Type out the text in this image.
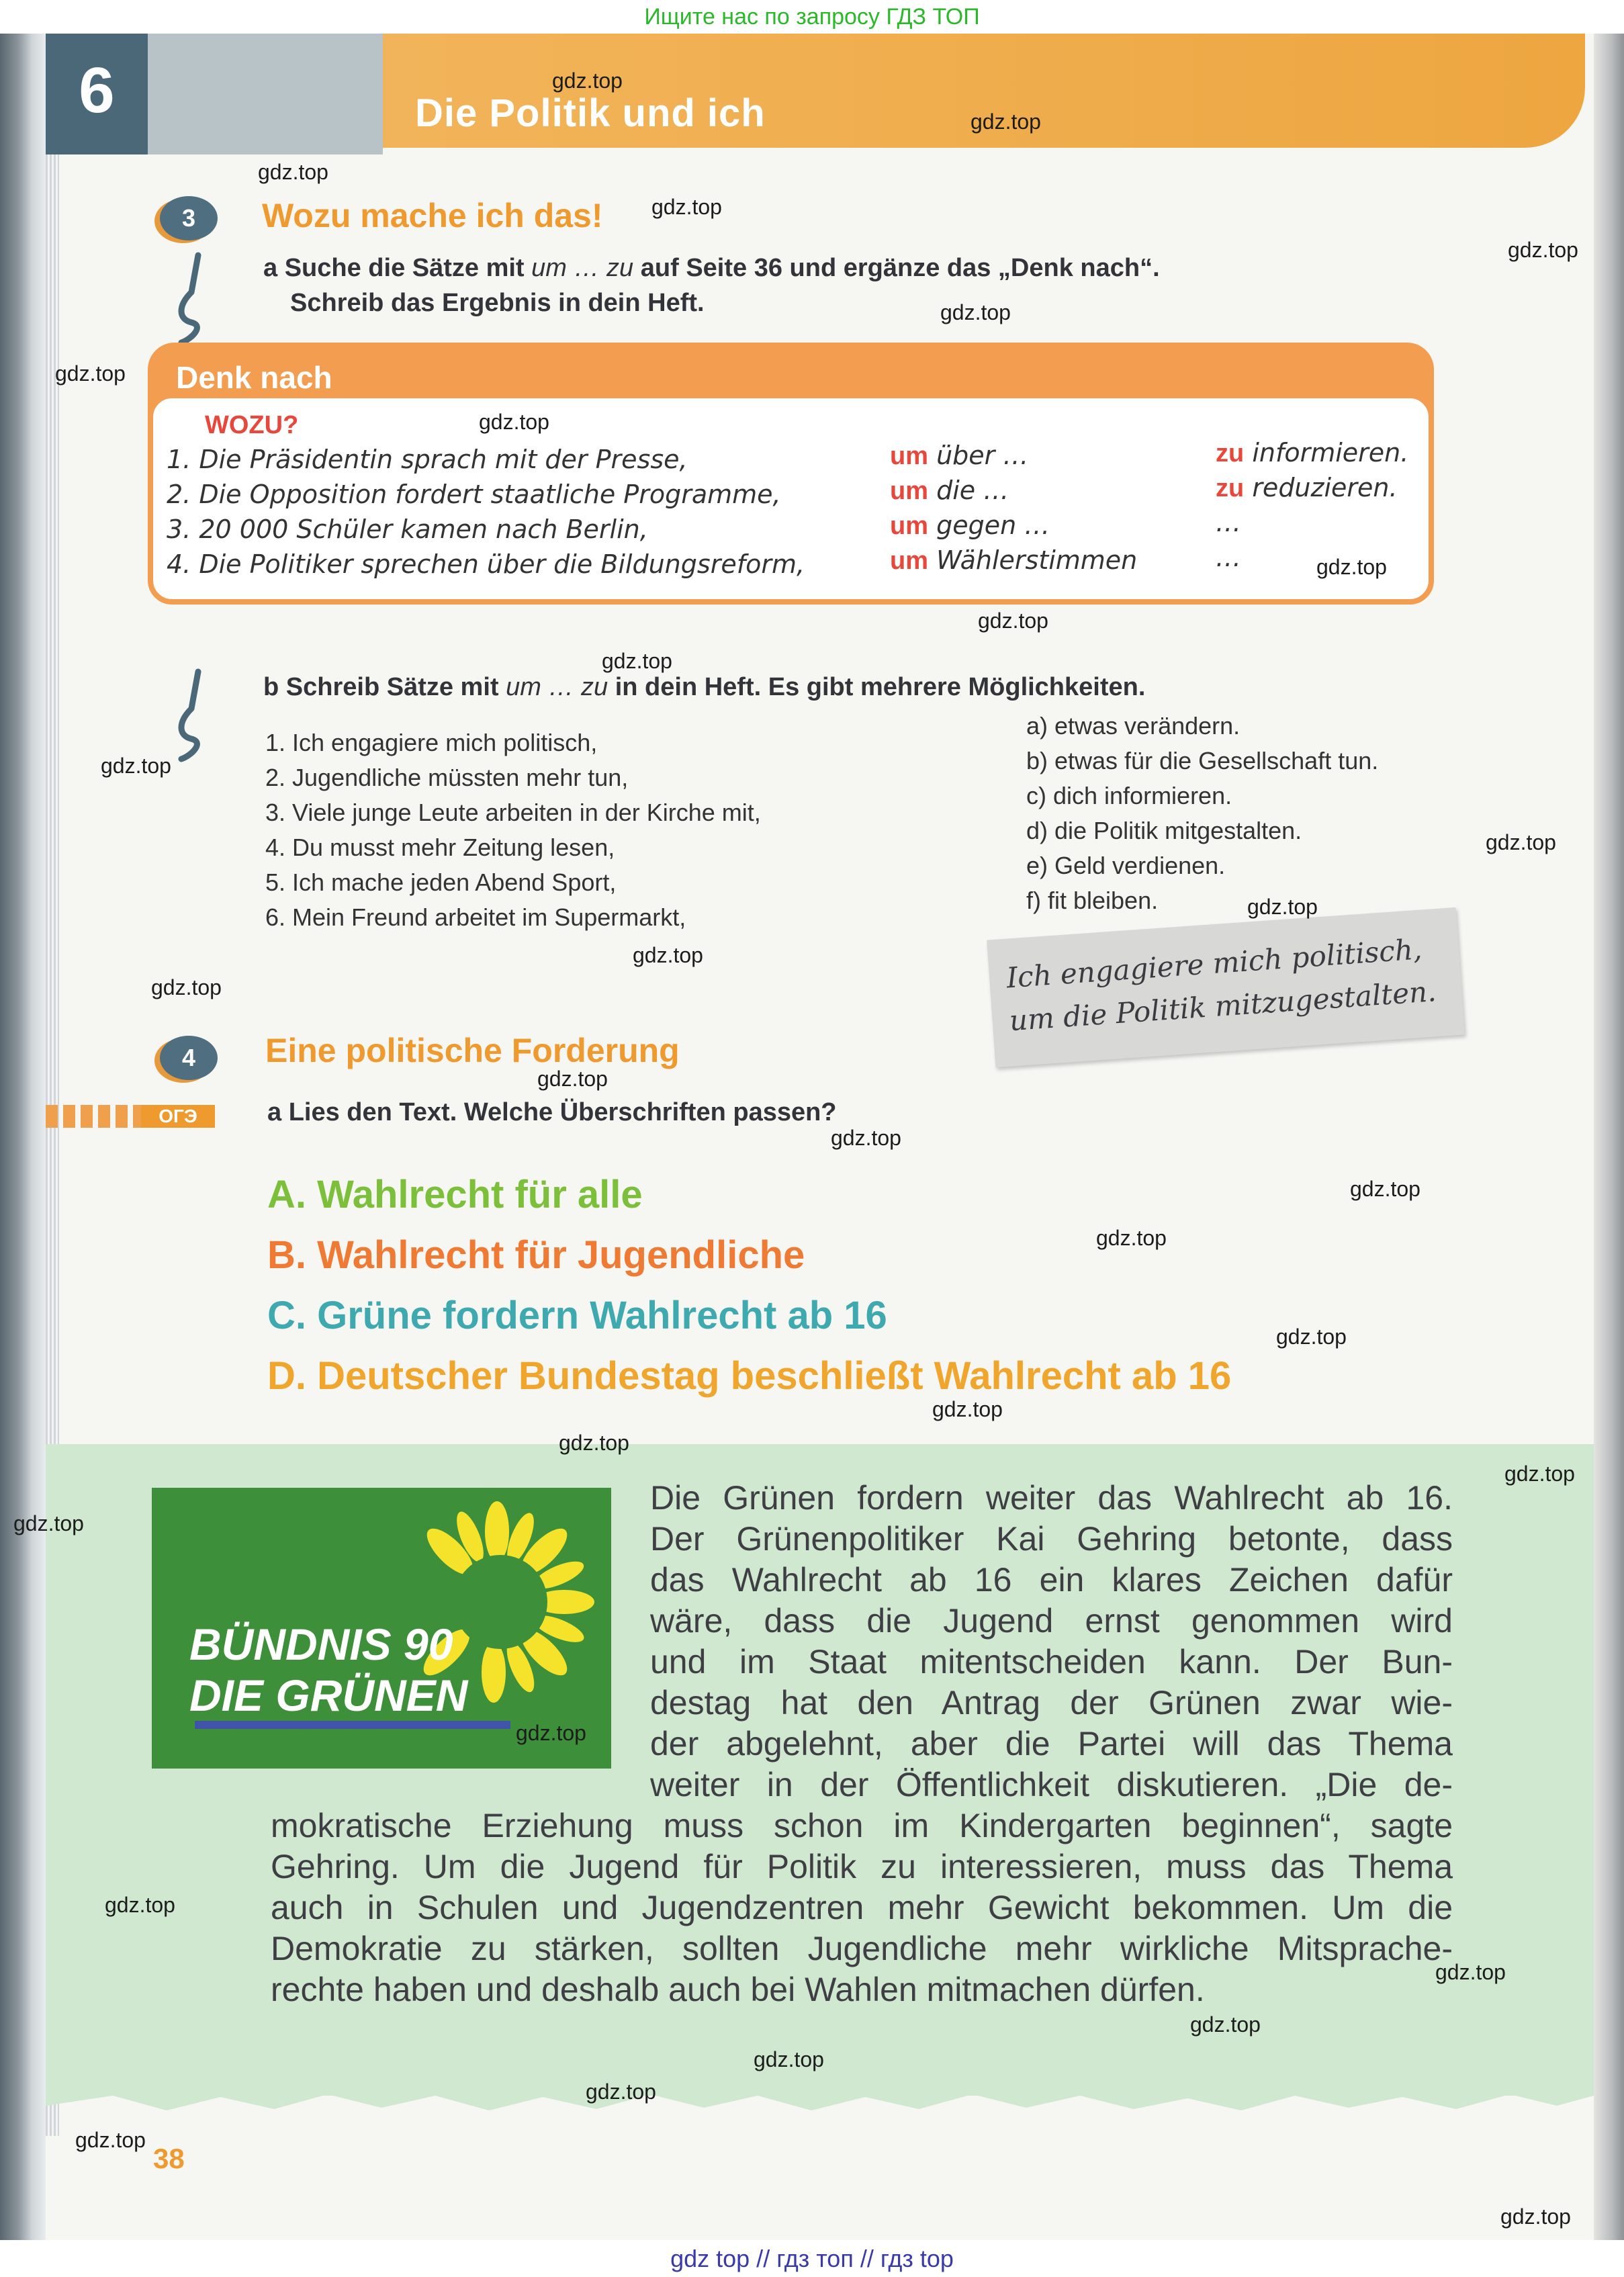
Ищите нас по запросу ГДЗ ТОП
6	Die Politik und ich
3	Wozu mache ich das!
a Suche die Sätze mit um … zu auf Seite 36 und ergänze das „Denk nach“.
Schreib das Ergebnis in dein Heft.
Denk nach
WOZU?
1. Die Präsidentin sprach mit der Presse,	um über …	zu informieren.
2. Die Opposition fordert staatliche Programme,	um die …	zu reduzieren.
3. 20 000 Schüler kamen nach Berlin,	um gegen …	…
4. Die Politiker sprechen über die Bildungsreform,	um Wählerstimmen	…
b Schreib Sätze mit um … zu in dein Heft. Es gibt mehrere Möglichkeiten.
1. Ich engagiere mich politisch,
2. Jugendliche müssten mehr tun,
3. Viele junge Leute arbeiten in der Kirche mit,
4. Du musst mehr Zeitung lesen,
5. Ich mache jeden Abend Sport,
6. Mein Freund arbeitet im Supermarkt,
a) etwas verändern.
b) etwas für die Gesellschaft tun.
c) dich informieren.
d) die Politik mitgestalten.
e) Geld verdienen.
f) fit bleiben.
Ich engagiere mich politisch, um die Politik mitzugestalten.
4	Eine politische Forderung
ОГЭ	a Lies den Text. Welche Überschriften passen?
A. Wahlrecht für alle
B. Wahlrecht für Jugendliche
C. Grüne fordern Wahlrecht ab 16
D. Deutscher Bundestag beschließt Wahlrecht ab 16
BÜNDNIS 90
DIE GRÜNEN
Die Grünen fordern weiter das Wahlrecht ab 16.
Der Grünenpolitiker Kai Gehring betonte, dass
das Wahlrecht ab 16 ein klares Zeichen dafür
wäre, dass die Jugend ernst genommen wird
und im Staat mitentscheiden kann. Der Bun-
destag hat den Antrag der Grünen zwar wie-
der abgelehnt, aber die Partei will das Thema
weiter in der Öffentlichkeit diskutieren. „Die de-
mokratische Erziehung muss schon im Kindergarten beginnen“, sagte
Gehring. Um die Jugend für Politik zu interessieren, muss das Thema
auch in Schulen und Jugendzentren mehr Gewicht bekommen. Um die
Demokratie zu stärken, sollten Jugendliche mehr wirkliche Mitsprache-
rechte haben und deshalb auch bei Wahlen mitmachen dürfen.
38
gdz.top
gdz.top
gdz.top
gdz.top
gdz.top
gdz.top
gdz.top
gdz.top
gdz.top
gdz.top
gdz.top
gdz.top
gdz.top
gdz.top
gdz.top
gdz.top
gdz.top
gdz.top
gdz.top
gdz.top
gdz.top
gdz.top
gdz.top
gdz.top
gdz.top
gdz.top
gdz.top
gdz.top
gdz.top
gdz.top
gdz.top
gdz.top
gdz.top
gdz top // гдз топ // гдз top
